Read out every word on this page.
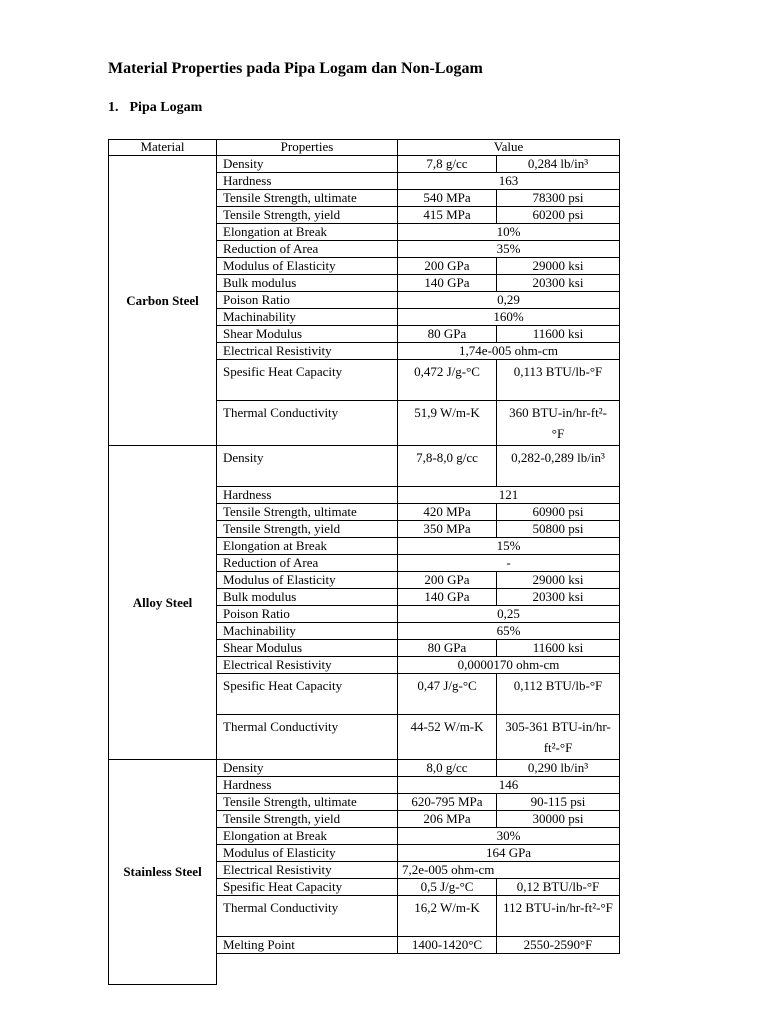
Material Properties pada Pipa Logam dan Non-Logam
1. Pipa Logam
Material	Properties	Value	
Carbon Steel	Density	7,8 g/cc	0,284 lb/in³
	Hardness	163	
	Tensile Strength, ultimate	540 MPa	78300 psi
	Tensile Strength, yield	415 MPa	60200 psi
	Elongation at Break	10%	
	Reduction of Area	35%	
	Modulus of Elasticity	200 GPa	29000 ksi
	Bulk modulus	140 GPa	20300 ksi
	Poison Ratio	0,29	
	Machinability	160%	
	Shear Modulus	80 GPa	11600 ksi
	Electrical Resistivity	1,74e-005 ohm-cm	
	Spesific Heat Capacity	0,472 J/g-°C	0,113 BTU/lb-°F
	Thermal Conductivity	51,9 W/m-K	360 BTU-in/hr-ft²-°F
Alloy Steel	Density	7,8-8,0 g/cc	0,282-0,289 lb/in³
	Hardness	121	
	Tensile Strength, ultimate	420 MPa	60900 psi
	Tensile Strength, yield	350 MPa	50800 psi
	Elongation at Break	15%	
	Reduction of Area	-	
	Modulus of Elasticity	200 GPa	29000 ksi
	Bulk modulus	140 GPa	20300 ksi
	Poison Ratio	0,25	
	Machinability	65%	
	Shear Modulus	80 GPa	11600 ksi
	Electrical Resistivity	0,0000170 ohm-cm	
	Spesific Heat Capacity	0,47 J/g-°C	0,112 BTU/lb-°F
	Thermal Conductivity	44-52 W/m-K	305-361 BTU-in/hr-ft²-°F
Stainless Steel	Density	8,0 g/cc	0,290 lb/in³
	Hardness	146	
	Tensile Strength, ultimate	620-795 MPa	90-115 psi
	Tensile Strength, yield	206 MPa	30000 psi
	Elongation at Break	30%	
	Modulus of Elasticity	164 GPa	
	Electrical Resistivity	7,2e-005 ohm-cm	
	Spesific Heat Capacity	0,5 J/g-°C	0,12 BTU/lb-°F
	Thermal Conductivity	16,2 W/m-K	112 BTU-in/hr-ft²-°F
	Melting Point	1400-1420°C	2550-2590°F
